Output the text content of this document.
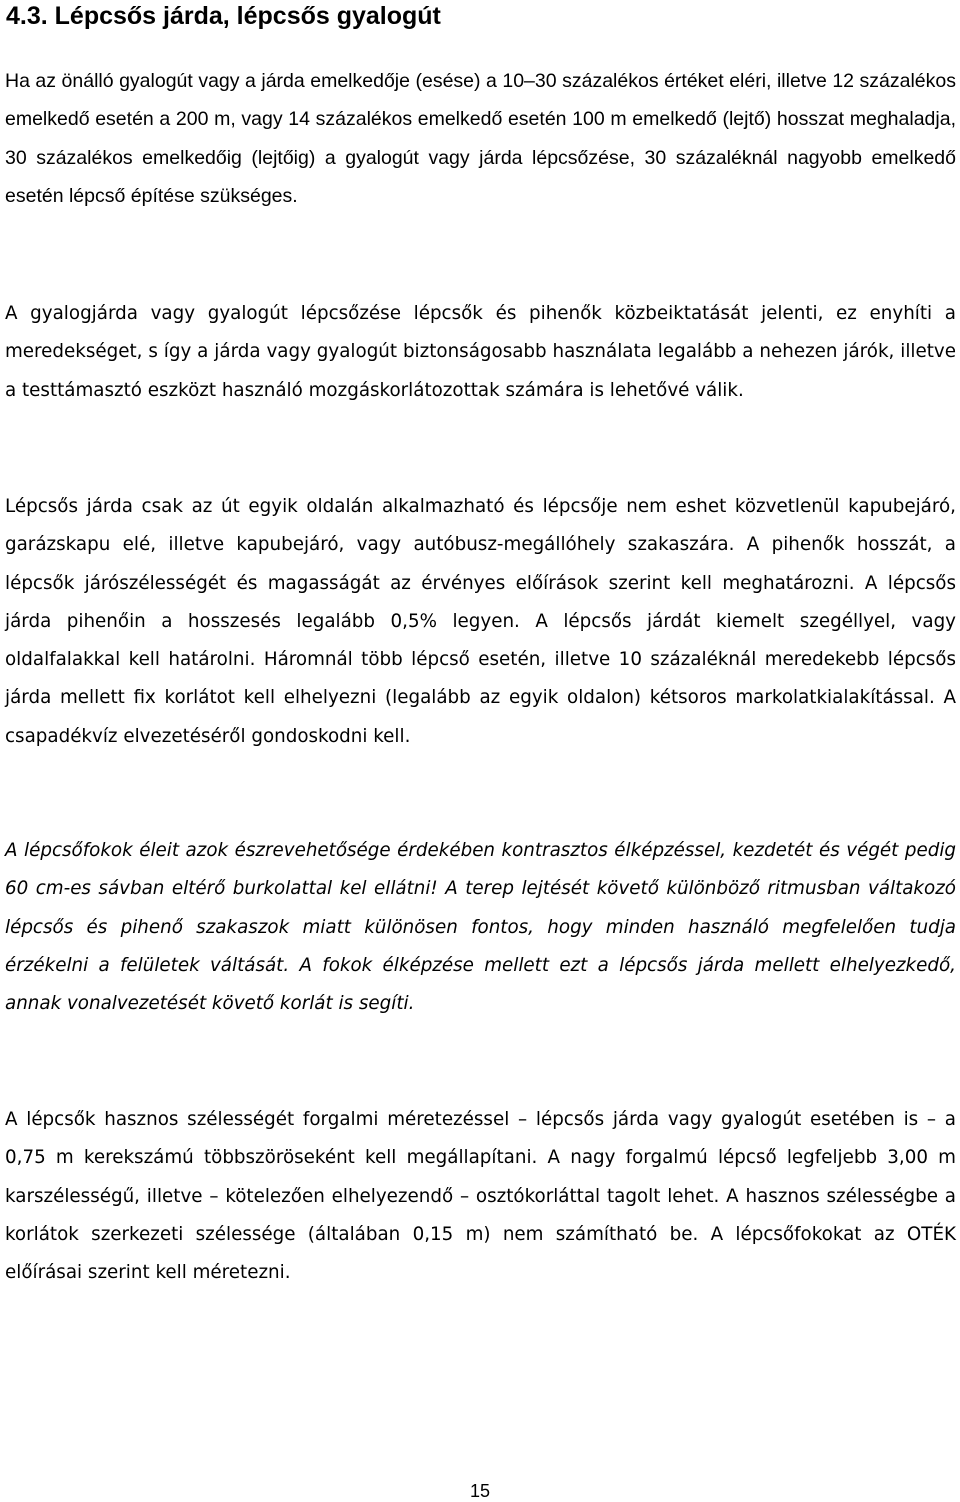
4.3. Lépcsős járda, lépcsős gyalogút

Ha az önálló gyalogút vagy a járda emelkedője (esése) a 10–30 százalékos értéket eléri, illetve 12 százalékos emelkedő esetén a 200 m, vagy 14 százalékos emelkedő esetén 100 m emelkedő (lejtő) hosszat meghaladja, 30 százalékos emelkedőig (lejtőig) a gyalogút vagy járda lépcsőzése, 30 százaléknál nagyobb emelkedő esetén lépcső építése szükséges.

A gyalogjárda vagy gyalogút lépcsőzése lépcsők és pihenők közbeiktatását jelenti, ez enyhíti a meredekséget, s így a járda vagy gyalogút biztonságosabb használata legalább a nehezen járók, illetve a testtámasztó eszközt használó mozgáskorlátozottak számára is lehetővé válik.

Lépcsős járda csak az út egyik oldalán alkalmazható és lépcsője nem eshet közvetlenül kapubejáró, garázskapu elé, illetve kapubejáró, vagy autóbusz-megállóhely szakaszára. A pihenők hosszát, a lépcsők járószélességét és magasságát az érvényes előírások szerint kell meghatározni. A lépcsős járda pihenőin a hosszesés legalább 0,5% legyen. A lépcsős járdát kiemelt szegéllyel, vagy oldalfalakkal kell határolni. Háromnál több lépcső esetén, illetve 10 százaléknál meredekebb lépcsős járda mellett fix korlátot kell elhelyezni (legalább az egyik oldalon) kétsoros markolatkialakítással. A csapadékvíz elvezetéséről gondoskodni kell.

A lépcsőfokok éleit azok észrevehetősége érdekében kontrasztos élképzéssel, kezdetét és végét pedig 60 cm-es sávban eltérő burkolattal kel ellátni! A terep lejtését követő különböző ritmusban váltakozó lépcsős és pihenő szakaszok miatt különösen fontos, hogy minden használó megfelelően tudja érzékelni a felületek váltását. A fokok élképzése mellett ezt a lépcsős járda mellett elhelyezkedő, annak vonalvezetését követő korlát is segíti.

A lépcsők hasznos szélességét forgalmi méretezéssel – lépcsős járda vagy gyalogút esetében is – a 0,75 m kerekszámú többszöröseként kell megállapítani. A nagy forgalmú lépcső legfeljebb 3,00 m karszélességű, illetve – kötelezően elhelyezendő – osztókorláttal tagolt lehet. A hasznos szélességbe a korlátok szerkezeti szélessége (általában 0,15 m) nem számítható be. A lépcsőfokokat az OTÉK előírásai szerint kell méretezni.

15
